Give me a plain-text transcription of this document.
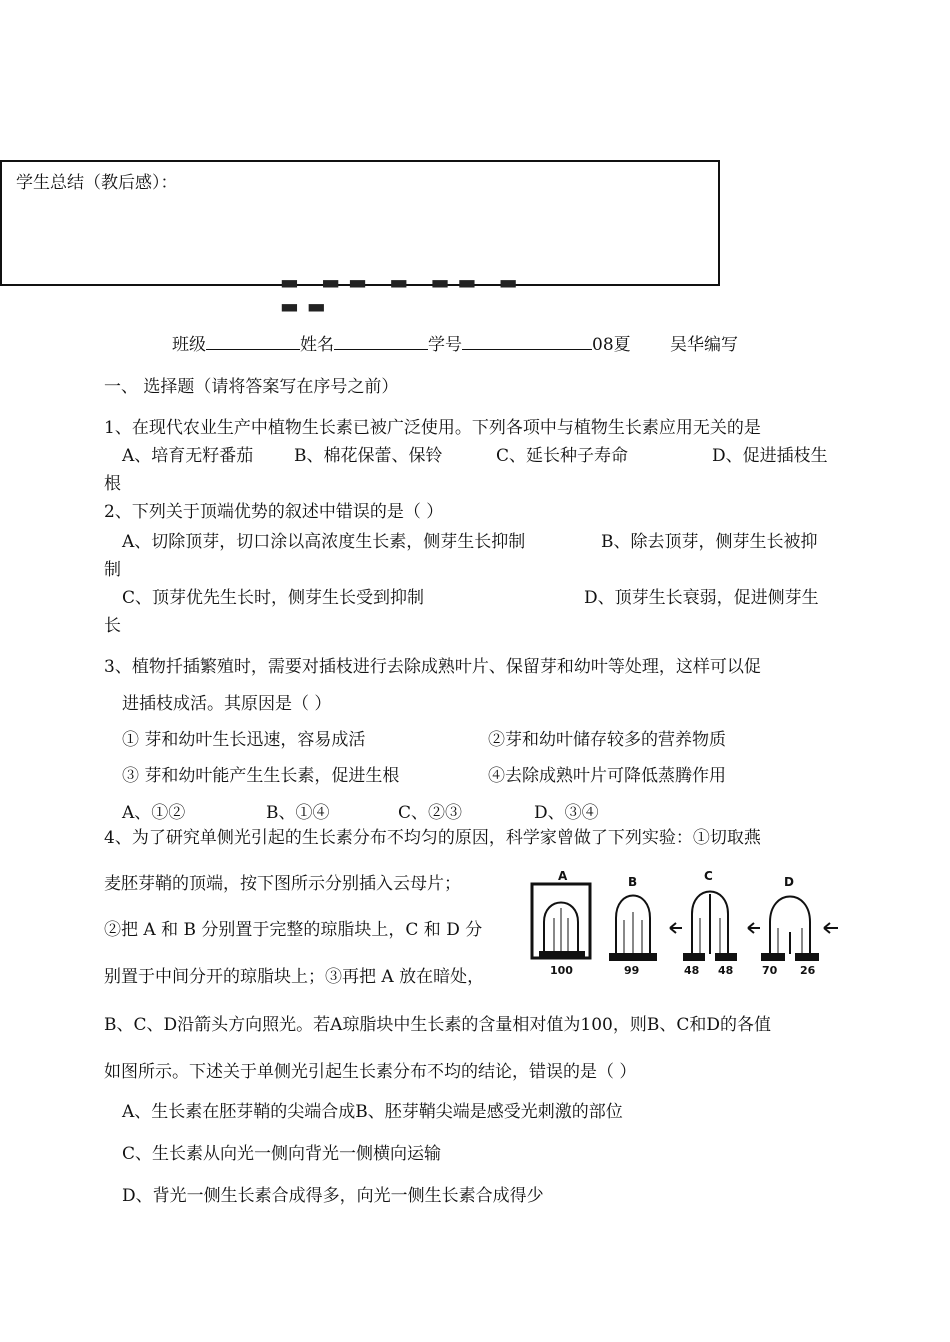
学生总结（教后感）：
▬ ▬▬ ▬ ▬▬ ▬ ▬▬
班级	姓名	学号	08夏 吴华编写
一、 选择题（请将答案写在序号之前）
1、在现代农业生产中植物生长素已被广泛使用。下列各项中与植物生长素应用无关的是
A、培育无籽番茄 B、棉花保蕾、保铃	C、延长种子寿命	D、促进插枝生
根
2、下列关于顶端优势的叙述中错误的是（ ）
A、切除顶芽，切口涂以高浓度生长素，侧芽生长抑制	B、除去顶芽，侧芽生长被抑
制
C、顶芽优先生长时，侧芽生长受到抑制	D、顶芽生长衰弱，促进侧芽生
长
3、植物扦插繁殖时，需要对插枝进行去除成熟叶片、保留芽和幼叶等处理，这样可以促
进插枝成活。其原因是（ ）
① 芽和幼叶生长迅速，容易成活	②芽和幼叶储存较多的营养物质
③ 芽和幼叶能产生生长素，促进生根	④去除成熟叶片可降低蒸腾作用
A、①②	B、①④	C、②③	D、③④
4、为了研究单侧光引起的生长素分布不均匀的原因，科学家曾做了下列实验：①切取燕
麦胚芽鞘的顶端，按下图所示分别插入云母片；
②把 A 和 B 分别置于完整的琼脂块上，C 和 D 分
别置于中间分开的琼脂块上；③再把 A 放在暗处，
B、C、D沿箭头方向照光。若A琼脂块中生长素的含量相对值为100，则B、C和D的各值
如图所示。下述关于单侧光引起生长素分布不均的结论，错误的是（ ）
A、生长素在胚芽鞘的尖端合成B、胚芽鞘尖端是感受光刺激的部位
C、生长素从向光一侧向背光一侧横向运输
D、背光一侧生长素合成得多，向光一侧生长素合成得少
A	B	C	D
100	99	48 48	70 26
